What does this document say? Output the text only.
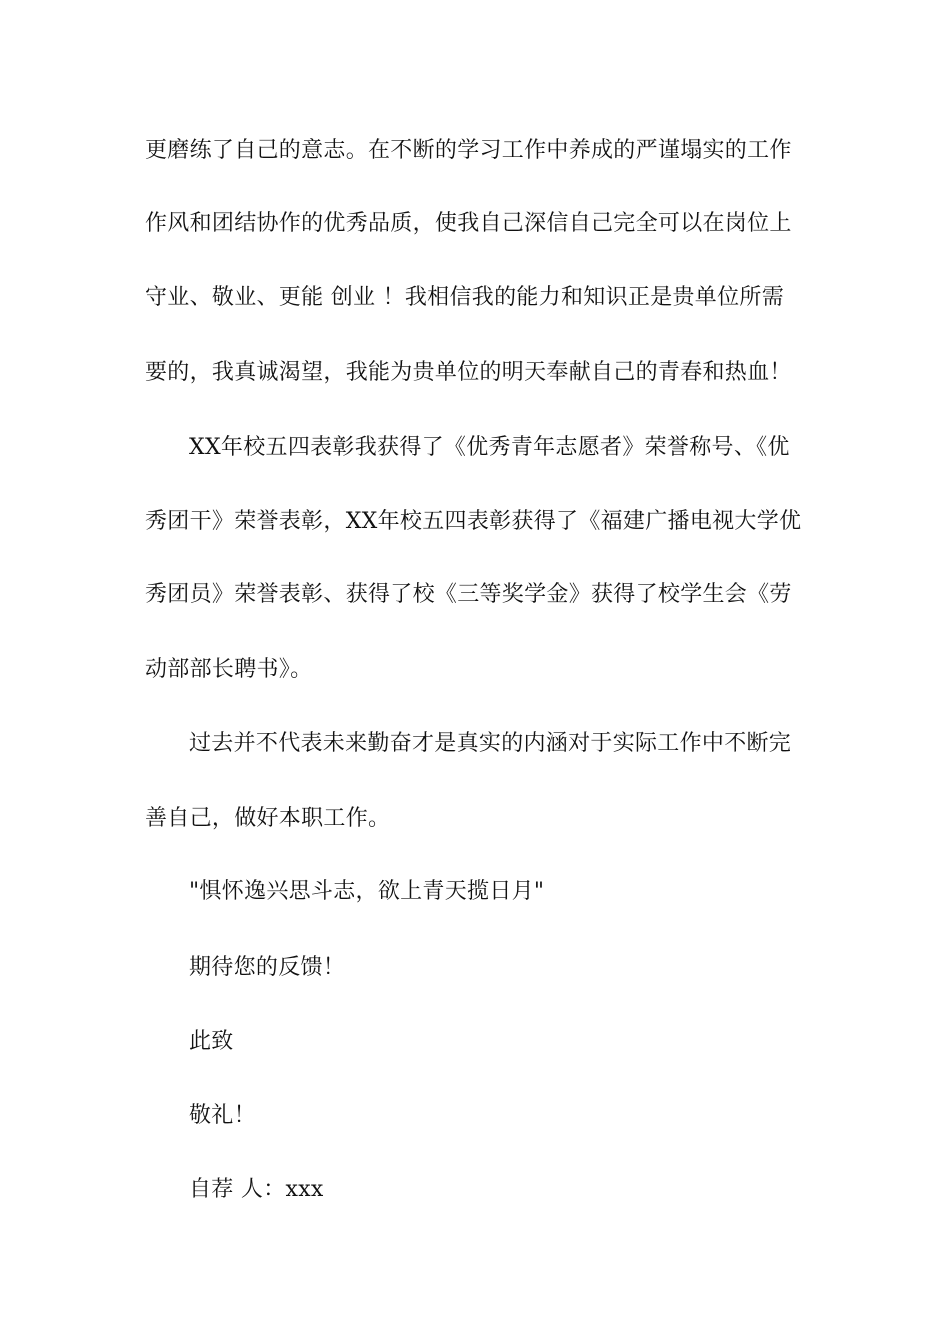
更磨练了自己的意志。在不断的学习工作中养成的严谨塌实的工作
作风和团结协作的优秀品质，使我自己深信自己完全可以在岗位上
守业、敬业、更能 创业 ！我相信我的能力和知识正是贵单位所需
要的，我真诚渴望，我能为贵单位的明天奉献自己的青春和热血！
XX年校五四表彰我获得了《优秀青年志愿者》荣誉称号、《优
秀团干》荣誉表彰，XX年校五四表彰获得了《福建广播电视大学优
秀团员》荣誉表彰、获得了校《三等奖学金》获得了校学生会《劳
动部部长聘书》。
过去并不代表未来勤奋才是真实的内涵对于实际工作中不断完
善自己，做好本职工作。
"惧怀逸兴思斗志，欲上青天揽日月"
期待您的反馈！
此致
敬礼！
自荐 人：xxx
